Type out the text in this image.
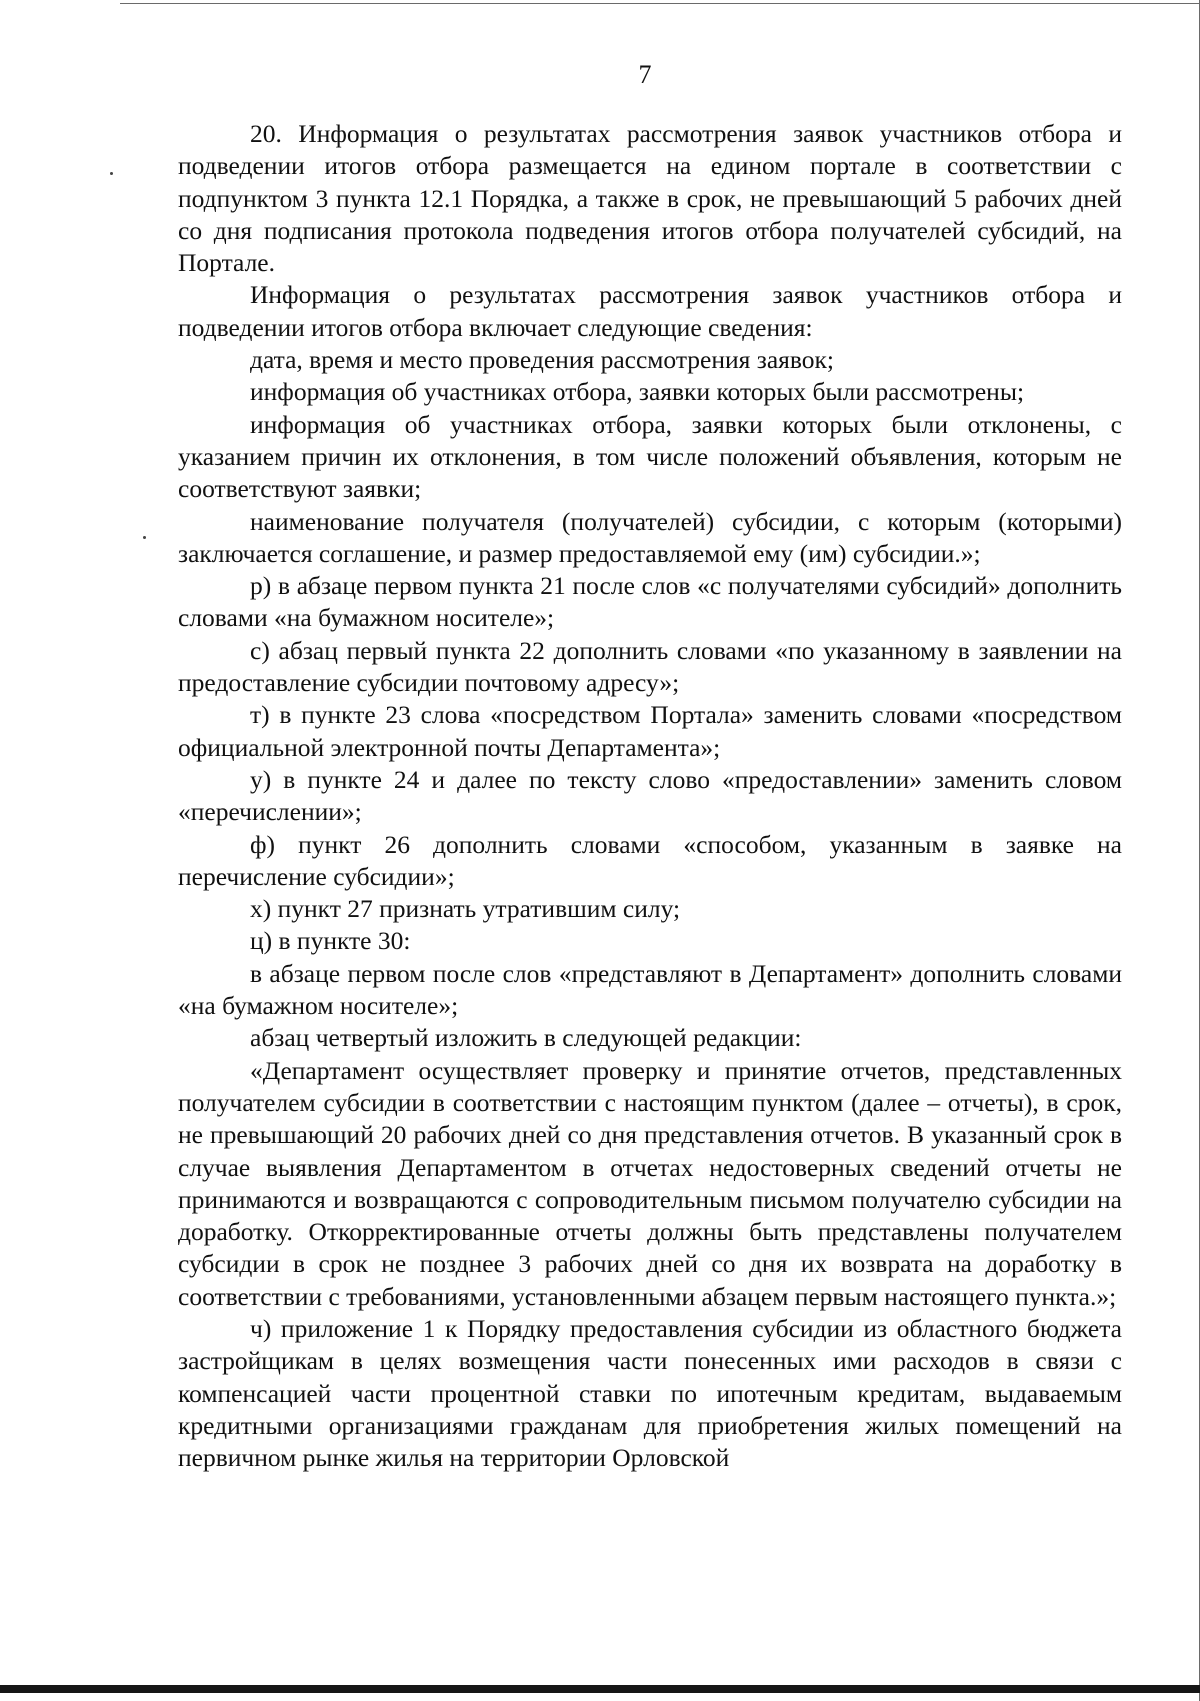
7

20. Информация о результатах рассмотрения заявок участников отбора и подведении итогов отбора размещается на едином портале в соответствии с подпунктом 3 пункта 12.1 Порядка, а также в срок, не превышающий 5 рабочих дней со дня подписания протокола подведения итогов отбора получателей субсидий, на Портале.

Информация о результатах рассмотрения заявок участников отбора и подведении итогов отбора включает следующие сведения:

дата, время и место проведения рассмотрения заявок;

информация об участниках отбора, заявки которых были рассмотрены;

информация об участниках отбора, заявки которых были отклонены, с указанием причин их отклонения, в том числе положений объявления, которым не соответствуют заявки;

наименование получателя (получателей) субсидии, с которым (которыми) заключается соглашение, и размер предоставляемой ему (им) субсидии.»;

р) в абзаце первом пункта 21 после слов «с получателями субсидий» дополнить словами «на бумажном носителе»;

с) абзац первый пункта 22 дополнить словами «по указанному в заявлении на предоставление субсидии почтовому адресу»;

т) в пункте 23 слова «посредством Портала» заменить словами «посредством официальной электронной почты Департамента»;

у) в пункте 24 и далее по тексту слово «предоставлении» заменить словом «перечислении»;

ф) пункт 26 дополнить словами «способом, указанным в заявке на перечисление субсидии»;

х) пункт 27 признать утратившим силу;

ц) в пункте 30:

в абзаце первом после слов «представляют в Департамент» дополнить словами «на бумажном носителе»;

абзац четвертый изложить в следующей редакции:

«Департамент осуществляет проверку и принятие отчетов, представленных получателем субсидии в соответствии с настоящим пунктом (далее – отчеты), в срок, не превышающий 20 рабочих дней со дня представления отчетов. В указанный срок в случае выявления Департаментом в отчетах недостоверных сведений отчеты не принимаются и возвращаются с сопроводительным письмом получателю субсидии на доработку. Откорректированные отчеты должны быть представлены получателем субсидии в срок не позднее 3 рабочих дней со дня их возврата на доработку в соответствии с требованиями, установленными абзацем первым настоящего пункта.»;

ч) приложение 1 к Порядку предоставления субсидии из областного бюджета застройщикам в целях возмещения части понесенных ими расходов в связи с компенсацией части процентной ставки по ипотечным кредитам, выдаваемым кредитными организациями гражданам для приобретения жилых помещений на первичном рынке жилья на территории Орловской
